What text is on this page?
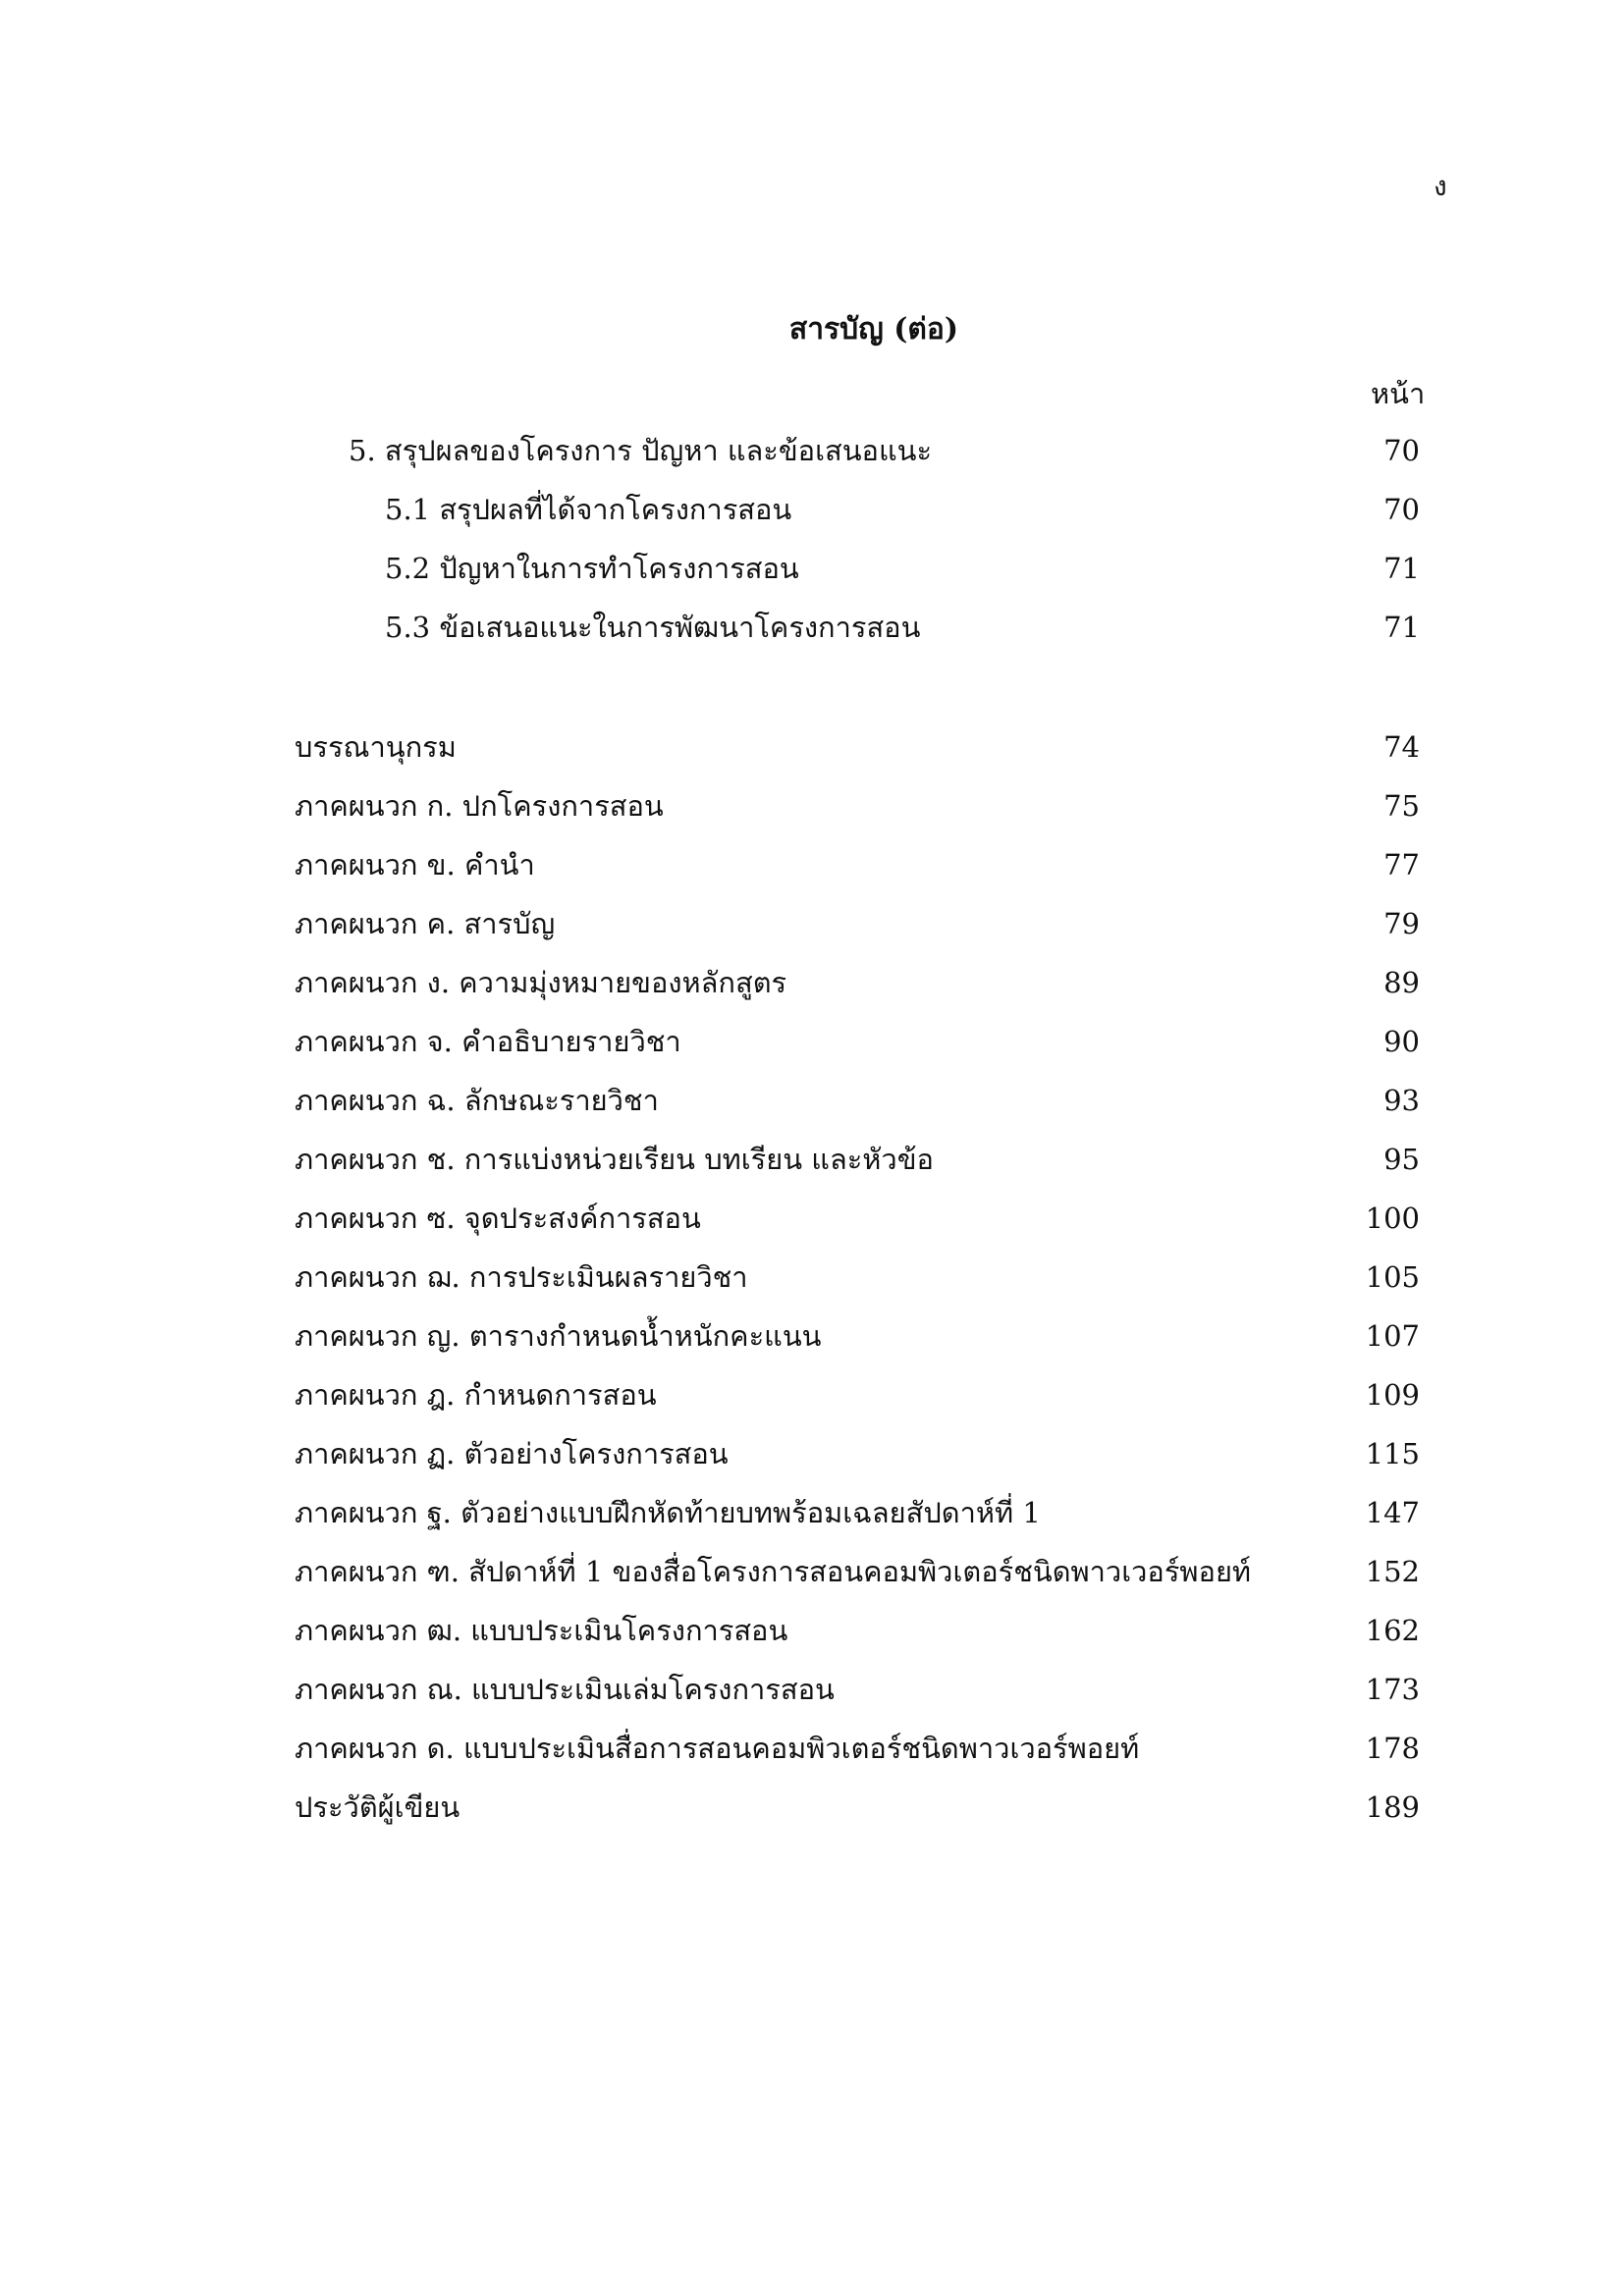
ง
สารบัญ (ต่อ)
หน้า
5. สรุปผลของโครงการ ปัญหา และข้อเสนอแนะ	70
5.1 สรุปผลที่ได้จากโครงการสอน	70
5.2 ปัญหาในการทำโครงการสอน	71
5.3 ข้อเสนอแนะในการพัฒนาโครงการสอน	71
บรรณานุกรม	74
ภาคผนวก ก. ปกโครงการสอน	75
ภาคผนวก ข. คำนำ	77
ภาคผนวก ค. สารบัญ	79
ภาคผนวก ง. ความมุ่งหมายของหลักสูตร	89
ภาคผนวก จ. คำอธิบายรายวิชา	90
ภาคผนวก ฉ. ลักษณะรายวิชา	93
ภาคผนวก ช. การแบ่งหน่วยเรียน บทเรียน และหัวข้อ	95
ภาคผนวก ซ. จุดประสงค์การสอน	100
ภาคผนวก ฌ. การประเมินผลรายวิชา	105
ภาคผนวก ญ. ตารางกำหนดน้ำหนักคะแนน	107
ภาคผนวก ฎ. กำหนดการสอน	109
ภาคผนวก ฏ. ตัวอย่างโครงการสอน	115
ภาคผนวก ฐ. ตัวอย่างแบบฝึกหัดท้ายบทพร้อมเฉลยสัปดาห์ที่ 1	147
ภาคผนวก ฑ. สัปดาห์ที่ 1 ของสื่อโครงการสอนคอมพิวเตอร์ชนิดพาวเวอร์พอยท์	152
ภาคผนวก ฒ. แบบประเมินโครงการสอน	162
ภาคผนวก ณ. แบบประเมินเล่มโครงการสอน	173
ภาคผนวก ด. แบบประเมินสื่อการสอนคอมพิวเตอร์ชนิดพาวเวอร์พอยท์	178
ประวัติผู้เขียน	189
